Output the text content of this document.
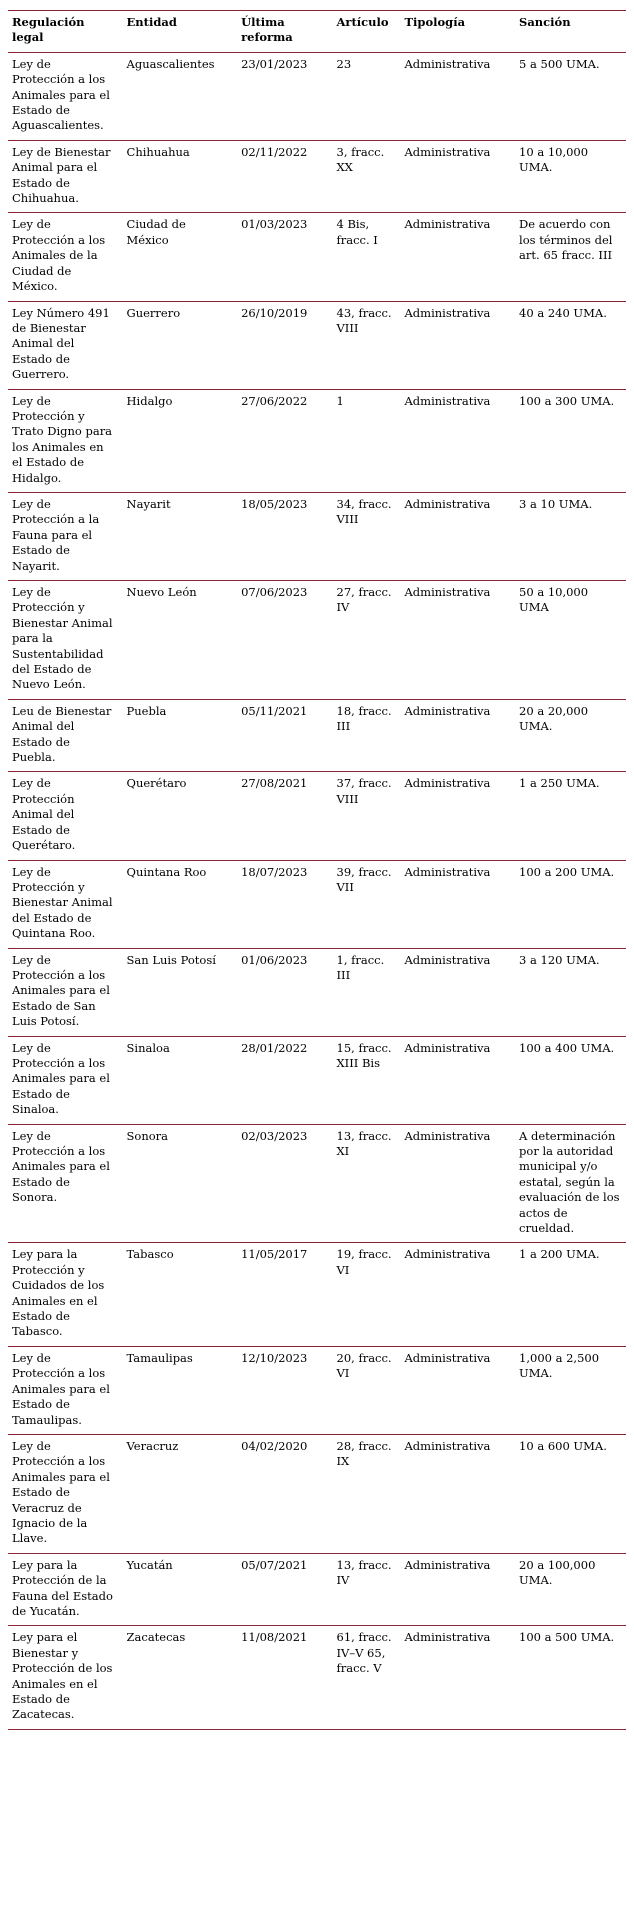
Regulación legal	Entidad	Última reforma	Artículo	Tipología	Sanción
Ley de Protección a los Animales para el Estado de Aguascalientes.	Aguascalientes	23/01/2023	23	Administrativa	5 a 500 UMA.
Ley de Bienestar Animal para el Estado de Chihuahua.	Chihuahua	02/11/2022	3, fracc. XX	Administrativa	10 a 10,000 UMA.
Ley de Protección a los Animales de la Ciudad de México.	Ciudad de México	01/03/2023	4 Bis, fracc. I	Administrativa	De acuerdo con los términos del art. 65 fracc. III
Ley Número 491 de Bienestar Animal del Estado de Guerrero.	Guerrero	26/10/2019	43, fracc. VIII	Administrativa	40 a 240 UMA.
Ley de Protección y Trato Digno para los Animales en el Estado de Hidalgo.	Hidalgo	27/06/2022	1	Administrativa	100 a 300 UMA.
Ley de Protección a la Fauna para el Estado de Nayarit.	Nayarit	18/05/2023	34, fracc. VIII	Administrativa	3 a 10 UMA.
Ley de Protección y Bienestar Animal para la Sustentabilidad del Estado de Nuevo León.	Nuevo León	07/06/2023	27, fracc. IV	Administrativa	50 a 10,000 UMA
Leu de Bienestar Animal del Estado de Puebla.	Puebla	05/11/2021	18, fracc. III	Administrativa	20 a 20,000 UMA.
Ley de Protección Animal del Estado de Querétaro.	Querétaro	27/08/2021	37, fracc. VIII	Administrativa	1 a 250 UMA.
Ley de Protección y Bienestar Animal del Estado de Quintana Roo.	Quintana Roo	18/07/2023	39, fracc. VII	Administrativa	100 a 200 UMA.
Ley de Protección a los Animales para el Estado de San Luis Potosí.	San Luis Potosí	01/06/2023	1, fracc. III	Administrativa	3 a 120 UMA.
Ley de Protección a los Animales para el Estado de Sinaloa.	Sinaloa	28/01/2022	15, fracc. XIII Bis	Administrativa	100 a 400 UMA.
Ley de Protección a los Animales para el Estado de Sonora.	Sonora	02/03/2023	13, fracc. XI	Administrativa	A determinación por la autoridad municipal y/o estatal, según la evaluación de los actos de crueldad.
Ley para la Protección y Cuidados de los Animales en el Estado de Tabasco.	Tabasco	11/05/2017	19, fracc. VI	Administrativa	1 a 200 UMA.
Ley de Protección a los Animales para el Estado de Tamaulipas.	Tamaulipas	12/10/2023	20, fracc. VI	Administrativa	1,000 a 2,500 UMA.
Ley de Protección a los Animales para el Estado de Veracruz de Ignacio de la Llave.	Veracruz	04/02/2020	28, fracc. IX	Administrativa	10 a 600 UMA.
Ley para la Protección de la Fauna del Estado de Yucatán.	Yucatán	05/07/2021	13, fracc. IV	Administrativa	20 a 100,000 UMA.
Ley para el Bienestar y Protección de los Animales en el Estado de Zacatecas.	Zacatecas	11/08/2021	61, fracc. IV–V 65, fracc. V	Administrativa	100 a 500 UMA.
